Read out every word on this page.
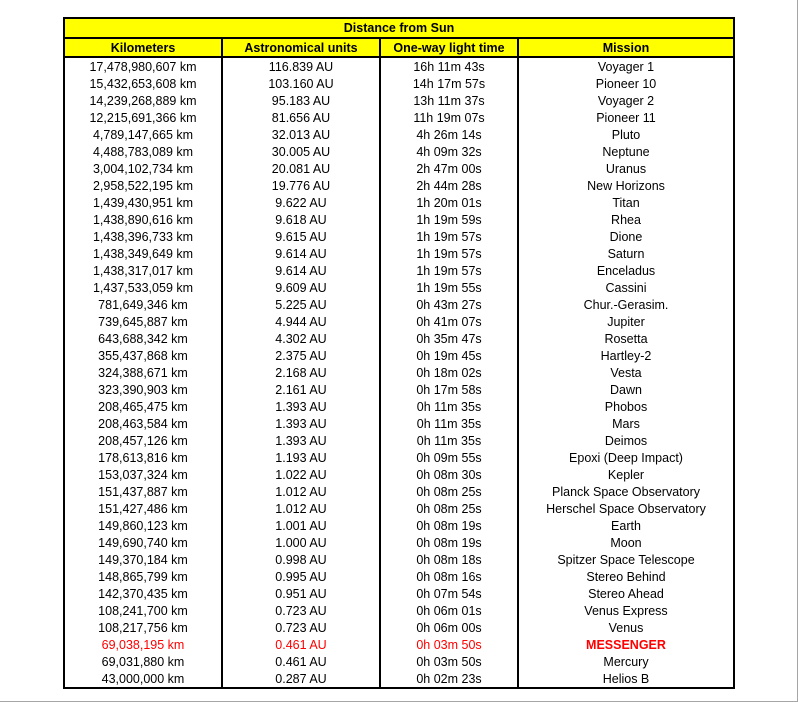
Distance from Sun			
Kilometers	Astronomical units	One-way light time	Mission
17,478,980,607 km	116.839 AU	16h 11m 43s	Voyager 1
15,432,653,608 km	103.160 AU	14h 17m 57s	Pioneer 10
14,239,268,889 km	95.183 AU	13h 11m 37s	Voyager 2
12,215,691,366 km	81.656 AU	11h 19m 07s	Pioneer 11
4,789,147,665 km	32.013 AU	4h 26m 14s	Pluto
4,488,783,089 km	30.005 AU	4h 09m 32s	Neptune
3,004,102,734 km	20.081 AU	2h 47m 00s	Uranus
2,958,522,195 km	19.776 AU	2h 44m 28s	New Horizons
1,439,430,951 km	9.622 AU	1h 20m 01s	Titan
1,438,890,616 km	9.618 AU	1h 19m 59s	Rhea
1,438,396,733 km	9.615 AU	1h 19m 57s	Dione
1,438,349,649 km	9.614 AU	1h 19m 57s	Saturn
1,438,317,017 km	9.614 AU	1h 19m 57s	Enceladus
1,437,533,059 km	9.609 AU	1h 19m 55s	Cassini
781,649,346 km	5.225 AU	0h 43m 27s	Chur.-Gerasim.
739,645,887 km	4.944 AU	0h 41m 07s	Jupiter
643,688,342 km	4.302 AU	0h 35m 47s	Rosetta
355,437,868 km	2.375 AU	0h 19m 45s	Hartley-2
324,388,671 km	2.168 AU	0h 18m 02s	Vesta
323,390,903 km	2.161 AU	0h 17m 58s	Dawn
208,465,475 km	1.393 AU	0h 11m 35s	Phobos
208,463,584 km	1.393 AU	0h 11m 35s	Mars
208,457,126 km	1.393 AU	0h 11m 35s	Deimos
178,613,816 km	1.193 AU	0h 09m 55s	Epoxi (Deep Impact)
153,037,324 km	1.022 AU	0h 08m 30s	Kepler
151,437,887 km	1.012 AU	0h 08m 25s	Planck Space Observatory
151,427,486 km	1.012 AU	0h 08m 25s	Herschel Space Observatory
149,860,123 km	1.001 AU	0h 08m 19s	Earth
149,690,740 km	1.000 AU	0h 08m 19s	Moon
149,370,184 km	0.998 AU	0h 08m 18s	Spitzer Space Telescope
148,865,799 km	0.995 AU	0h 08m 16s	Stereo Behind
142,370,435 km	0.951 AU	0h 07m 54s	Stereo Ahead
108,241,700 km	0.723 AU	0h 06m 01s	Venus Express
108,217,756 km	0.723 AU	0h 06m 00s	Venus
69,038,195 km	0.461 AU	0h 03m 50s	MESSENGER
69,031,880 km	0.461 AU	0h 03m 50s	Mercury
43,000,000 km	0.287 AU	0h 02m 23s	Helios B
